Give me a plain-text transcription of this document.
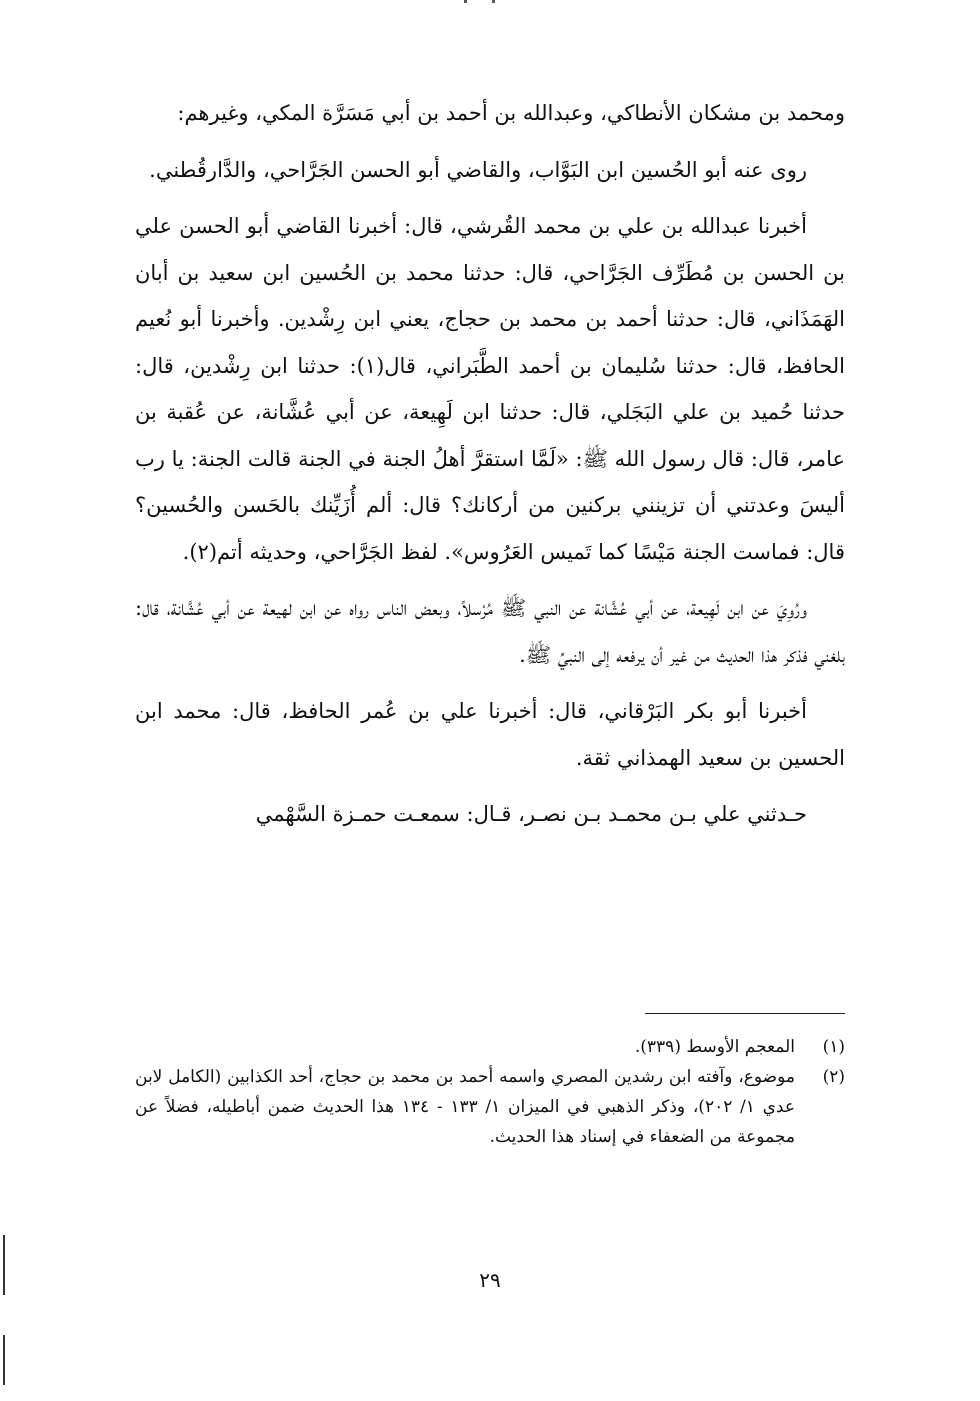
ومحمد بن مشكان الأنطاكي، وعبدالله بن أحمد بن أبي مَسَرَّة المكي، وغيرهم:

روى عنه أبو الحُسين ابن البَوَّاب، والقاضي أبو الحسن الجَرَّاحي، والدَّارقُطني.

أخبرنا عبدالله بن علي بن محمد القُرشي، قال: أخبرنا القاضي أبو الحسن علي بن الحسن بن مُطَرِّف الجَرَّاحي، قال: حدثنا محمد بن الحُسين ابن سعيد بن أبان الهَمَذَاني، قال: حدثنا أحمد بن محمد بن حجاج، يعني ابن رِشْدين. وأخبرنا أبو نُعيم الحافظ، قال: حدثنا سُليمان بن أحمد الطَّبَراني، قال(١): حدثنا ابن رِشْدين، قال: حدثنا حُميد بن علي البَجَلي، قال: حدثنا ابن لَهِيعة، عن أبي عُشَّانة، عن عُقبة بن عامر، قال: قال رسول الله ﷺ: «لَمَّا استقرَّ أهلُ الجنة في الجنة قالت الجنة: يا رب أليسَ وعدتني أن تزينني بركنين من أركانك؟ قال: ألم أُزَيِّنك بالحَسن والحُسين؟ قال: فماست الجنة مَيْسًا كما تَميس العَرُوس». لفظ الجَرَّاحي، وحديثه أتم(٢).

ورُوِيَ عن ابن لَهِيعة، عن أبي عُشَّانة عن النبي ﷺ مُرْسلاً، وبعض الناس رواه عن ابن لهيعة عن أبي عُشَّانة، قال: بلغني فذكر هذا الحديث من غير أن يرفعه إلى النبيِّ ﷺ.

أخبرنا أبو بكر البَرْقاني، قال: أخبرنا علي بن عُمر الحافظ، قال: محمد ابن الحسين بن سعيد الهمذاني ثقة.

حـدثني علي بـن محمـد بـن نصـر، قـال: سمعـت حمـزة السَّهْمي

(١)
المعجم الأوسط (٣٣٩).
(٢)
موضوع، وآفته ابن رشدين المصري واسمه أحمد بن محمد بن حجاج، أحد الكذابين (الكامل لابن عدي ١/ ٢٠٢)، وذكر الذهبي في الميزان ١/ ١٣٣ - ١٣٤ هذا الحديث ضمن أباطيله، فضلاً عن مجموعة من الضعفاء في إسناد هذا الحديث.
٢٩
